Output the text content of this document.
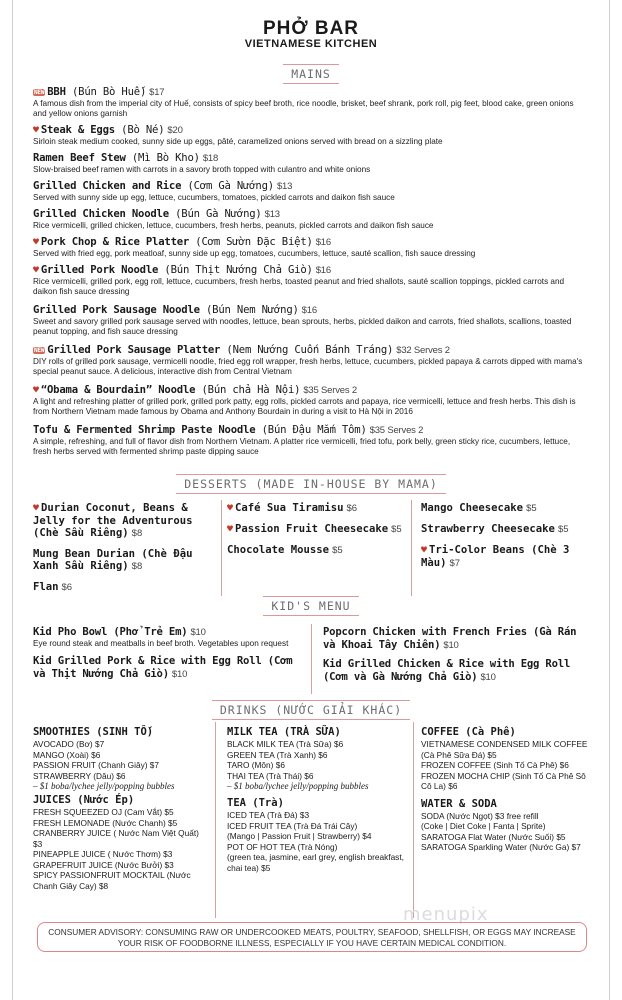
PHỞ BAR
VIETNAMESE KITCHEN
MAINS
NEW BBH (Bún Bò Huế) $17
A famous dish from the imperial city of Huế, consists of spicy beef broth, rice noodle, brisket, beef shrank, pork roll, pig feet, blood cake, green onions and yellow onions garnish
♥ Steak & Eggs (Bò Né) $20
Sirloin steak medium cooked, sunny side up eggs, pâté, caramelized onions served with bread on a sizzling plate
Ramen Beef Stew (Mì Bò Kho) $18
Slow-braised beef ramen with carrots in a savory broth topped with culantro and white onions
Grilled Chicken and Rice (Cơm Gà Nướng) $13
Served with sunny side up egg, lettuce, cucumbers, tomatoes, pickled carrots and daikon fish sauce
Grilled Chicken Noodle (Bún Gà Nướng) $13
Rice vermicelli, grilled chicken, lettuce, cucumbers, fresh herbs, peanuts, pickled carrots and daikon fish sauce
♥ Pork Chop & Rice Platter (Cơm Sườn Đặc Biệt) $16
Served with fried egg, pork meatloaf, sunny side up egg, tomatoes, cucumbers, lettuce, sauté scallion, fish sauce dressing
♥ Grilled Pork Noodle (Bún Thịt Nướng Chả Giò) $16
Rice vermicelli, grilled pork, egg roll, lettuce, cucumbers, fresh herbs, toasted peanut and fried shallots, sauté scallion toppings, pickled carrots and daikon fish sauce dressing
Grilled Pork Sausage Noodle (Bún Nem Nướng) $16
Sweet and savory grilled pork sausage served with noodles, lettuce, bean sprouts, herbs, pickled daikon and carrots, fried shallots, scallions, toasted peanut topping, and fish sauce dressing
NEW Grilled Pork Sausage Platter (Nem Nướng Cuốn Bánh Tráng) $32 Serves 2
DIY rolls of grilled pork sausage, vermicelli noodle, fried egg roll wrapper, fresh herbs, lettuce, cucumbers, pickled papaya & carrots dipped with mama's special peanut sauce. A delicious, interactive dish from Central Vietnam
♥ “Obama & Bourdain” Noodle (Bún chả Hà Nội) $35 Serves 2
A light and refreshing platter of grilled pork, grilled pork patty, egg rolls, pickled carrots and papaya, rice vermicelli, lettuce and fresh herbs. This dish is from Northern Vietnam made famous by Obama and Anthony Bourdain in during a visit to Hà Nội in 2016
Tofu & Fermented Shrimp Paste Noodle (Bún Đậu Mắm Tôm) $35 Serves 2
A simple, refreshing, and full of flavor dish from Northern Vietnam. A platter rice vermicelli, fried tofu, pork belly, green sticky rice, cucumbers, lettuce, fresh herbs served with fermented shrimp paste dipping sauce
DESSERTS (MADE IN-HOUSE BY MAMA)
♥ Durian Coconut, Beans & Jelly for the Adventurous (Chè Sầu Riêng) $8
Mung Bean Durian (Chè Đậu Xanh Sầu Riêng) $8
Flan $6
♥ Café Sua Tiramisu $6
♥ Passion Fruit Cheesecake $5
Chocolate Mousse $5
Mango Cheesecake $5
Strawberry Cheesecake $5
♥ Tri-Color Beans (Chè 3 Màu) $7
KID'S MENU
Kid Pho Bowl (Phở Trẻ Em) $10
Eye round steak and meatballs in beef broth. Vegetables upon request
Kid Grilled Pork & Rice with Egg Roll (Cơm và Thịt Nướng Chả Giò) $10
Popcorn Chicken with French Fries (Gà Rán và Khoai Tây Chiên) $10
Kid Grilled Chicken & Rice with Egg Roll (Cơm và Gà Nướng Chả Giò) $10
DRINKS (NƯỚC GIẢI KHÁC)
SMOOTHIES (SINH TỐ)
AVOCADO (Bơ) $7
MANGO (Xoài) $6
PASSION FRUIT (Chanh Giây) $7
STRAWBERRY (Dâu) $6
– $1 boba/lychee jelly/popping bubbles
JUICES (Nước Ép)
FRESH SQUEEZED OJ (Cam Vắt) $5
FRESH LEMONADE (Nước Chanh) $5
CRANBERRY JUICE ( Nước Nam Việt Quất) $3
PINEAPPLE JUICE ( Nước Thơm) $3
GRAPEFRUIT JUICE (Nước Bưởi) $3
SPICY PASSIONFRUIT MOCKTAIL (Nước Chanh Giây Cay) $8
MILK TEA (TRÀ SỮA)
BLACK MILK TEA (Trà Sữa) $6
GREEN TEA (Trà Xanh) $6
TARO (Môn) $6
THAI TEA (Trà Thái) $6
– $1 boba/lychee jelly/popping bubbles
TEA (Trà)
ICED TEA (Trà Đá) $3
ICED FRUIT TEA (Trà Đá Trái Cây)
(Mango | Passion Fruit | Strawberry) $4
POT OF HOT TEA (Trà Nóng)
(green tea, jasmine, earl grey, english breakfast, chai tea) $5
COFFEE (Cà Phê)
VIETNAMESE CONDENSED MILK COFFEE (Cà Phê Sữa Đá) $5
FROZEN COFFEE (Sinh Tố Cà Phê) $6
FROZEN MOCHA CHIP (Sinh Tố Cà Phê Sô Cô La) $6
WATER & SODA
SODA (Nước Ngọt) $3 free refill
(Coke | Diet Coke | Fanta | Sprite)
SARATOGA Flat Water (Nước Suối) $5
SARATOGA Sparkling Water (Nước Ga) $7
menupix
CONSUMER ADVISORY: CONSUMING RAW OR UNDERCOOKED MEATS, POULTRY, SEAFOOD, SHELLFISH, OR EGGS MAY INCREASE YOUR RISK OF FOODBORNE ILLNESS, ESPECIALLY IF YOU HAVE CERTAIN MEDICAL CONDITION.
